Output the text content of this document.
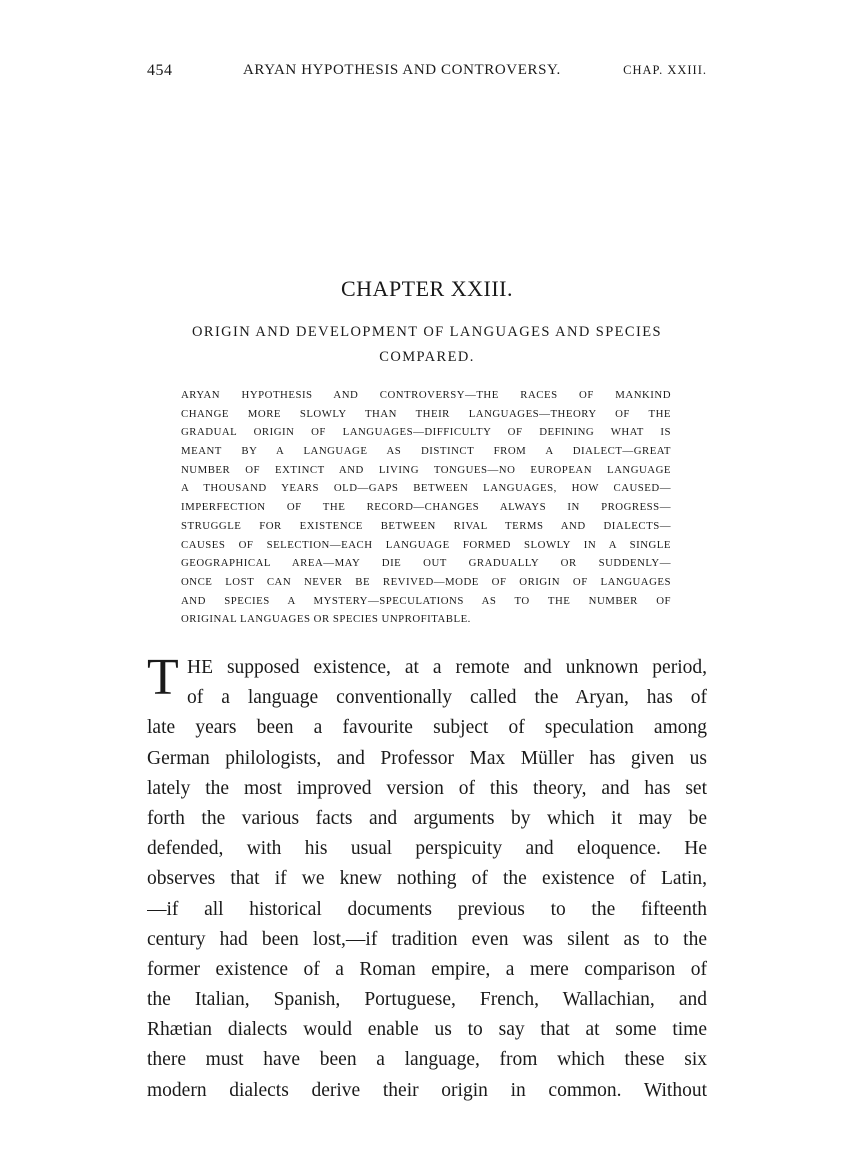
454	ARYAN HYPOTHESIS AND CONTROVERSY.	CHAP. XXIII.
CHAPTER XXIII.
ORIGIN AND DEVELOPMENT OF LANGUAGES AND SPECIES
COMPARED.
ARYAN HYPOTHESIS AND CONTROVERSY—THE RACES OF MANKIND
CHANGE MORE SLOWLY THAN THEIR LANGUAGES—THEORY OF THE
GRADUAL ORIGIN OF LANGUAGES—DIFFICULTY OF DEFINING WHAT IS
MEANT BY A LANGUAGE AS DISTINCT FROM A DIALECT—GREAT
NUMBER OF EXTINCT AND LIVING TONGUES—NO EUROPEAN LANGUAGE
A THOUSAND YEARS OLD—GAPS BETWEEN LANGUAGES, HOW CAUSED—
IMPERFECTION OF THE RECORD—CHANGES ALWAYS IN PROGRESS—
STRUGGLE FOR EXISTENCE BETWEEN RIVAL TERMS AND DIALECTS—
CAUSES OF SELECTION—EACH LANGUAGE FORMED SLOWLY IN A SINGLE
GEOGRAPHICAL AREA—MAY DIE OUT GRADUALLY OR SUDDENLY—
ONCE LOST CAN NEVER BE REVIVED—MODE OF ORIGIN OF LANGUAGES
AND SPECIES A MYSTERY—SPECULATIONS AS TO THE NUMBER OF
ORIGINAL LANGUAGES OR SPECIES UNPROFITABLE.
T HE supposed existence, at a remote and unknown period,
of a language conventionally called the Aryan, has of
late years been a favourite subject of speculation among
German philologists, and Professor Max Müller has given us
lately the most improved version of this theory, and has set
forth the various facts and arguments by which it may be
defended, with his usual perspicuity and eloquence. He
observes that if we knew nothing of the existence of Latin,
—if all historical documents previous to the fifteenth
century had been lost,—if tradition even was silent as to the
former existence of a Roman empire, a mere comparison of
the Italian, Spanish, Portuguese, French, Wallachian, and
Rhætian dialects would enable us to say that at some time
there must have been a language, from which these six
modern dialects derive their origin in common. Without
